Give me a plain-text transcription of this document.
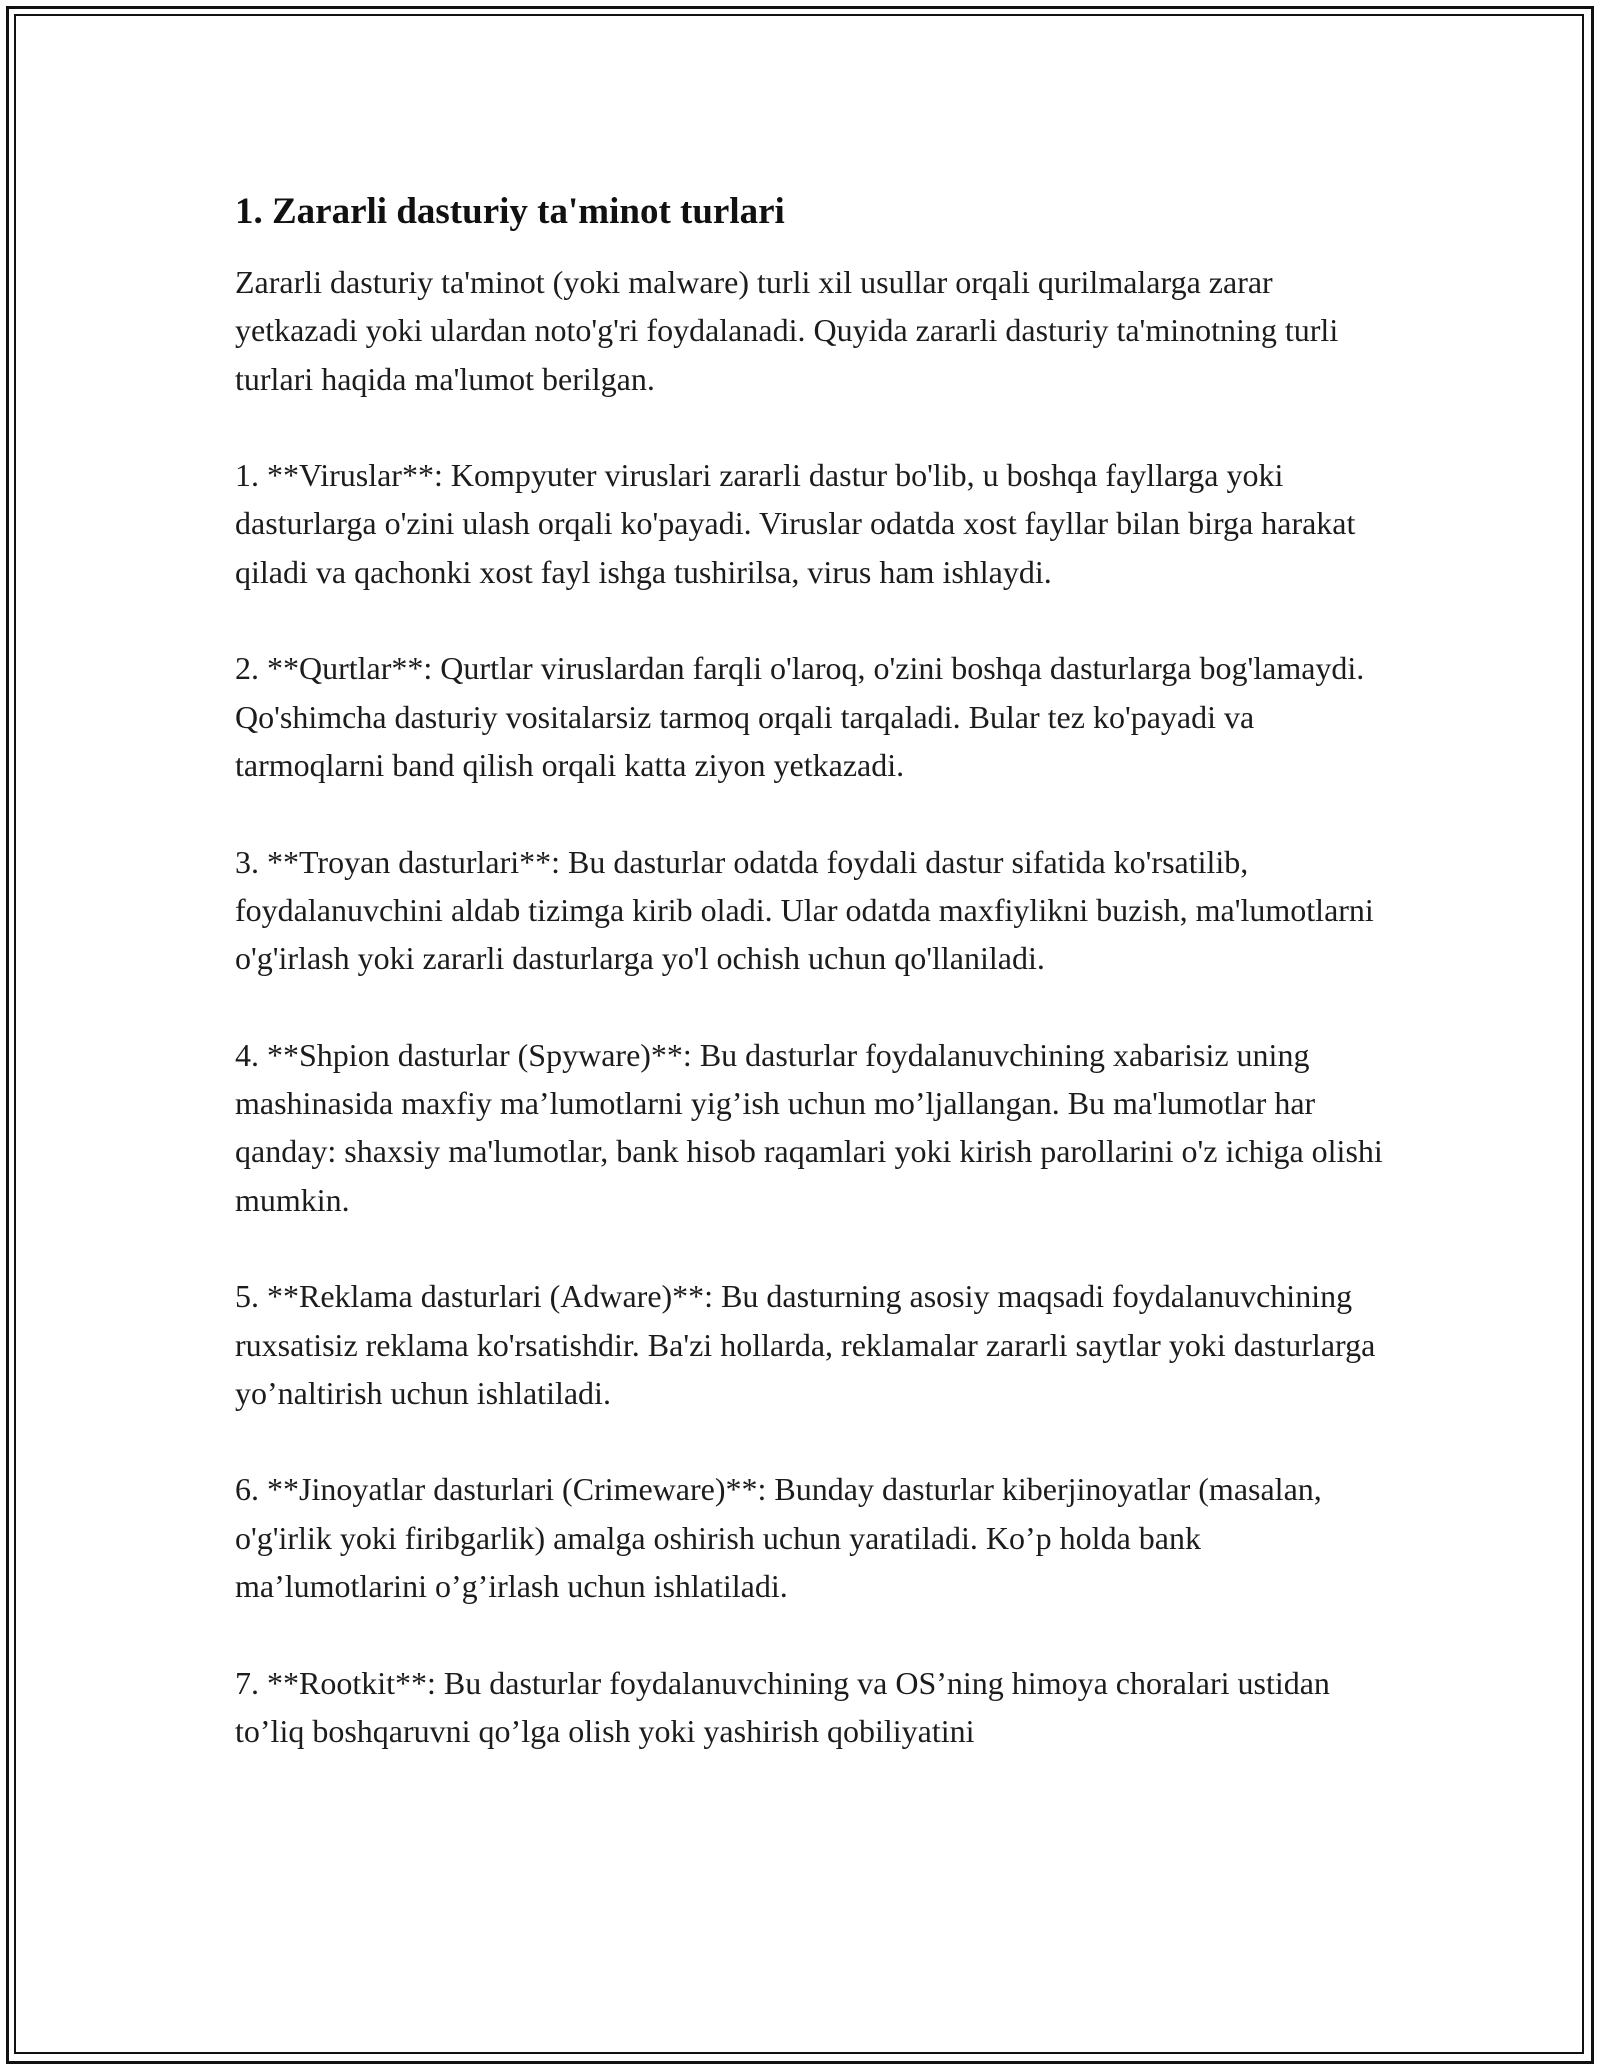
1. Zararli dasturiy ta'minot turlari

Zararli dasturiy ta'minot (yoki malware) turli xil usullar orqali qurilmalarga zarar yetkazadi yoki ulardan noto'g'ri foydalanadi. Quyida zararli dasturiy ta'minotning turli turlari haqida ma'lumot berilgan.

1. **Viruslar**: Kompyuter viruslari zararli dastur bo'lib, u boshqa fayllarga yoki dasturlarga o'zini ulash orqali ko'payadi. Viruslar odatda xost fayllar bilan birga harakat qiladi va qachonki xost fayl ishga tushirilsa, virus ham ishlaydi.

2. **Qurtlar**: Qurtlar viruslardan farqli o'laroq, o'zini boshqa dasturlarga bog'lamaydi. Qo'shimcha dasturiy vositalarsiz tarmoq orqali tarqaladi. Bular tez ko'payadi va tarmoqlarni band qilish orqali katta ziyon yetkazadi.

3. **Troyan dasturlari**: Bu dasturlar odatda foydali dastur sifatida ko'rsatilib, foydalanuvchini aldab tizimga kirib oladi. Ular odatda maxfiylikni buzish, ma'lumotlarni o'g'irlash yoki zararli dasturlarga yo'l ochish uchun qo'llaniladi.

4. **Shpion dasturlar (Spyware)**: Bu dasturlar foydalanuvchining xabarisiz uning mashinasida maxfiy ma’lumotlarni yig’ish uchun mo’ljallangan. Bu ma'lumotlar har qanday: shaxsiy ma'lumotlar, bank hisob raqamlari yoki kirish parollarini o'z ichiga olishi mumkin.

5. **Reklama dasturlari (Adware)**: Bu dasturning asosiy maqsadi foydalanuvchining ruxsatisiz reklama ko'rsatishdir. Ba'zi hollarda, reklamalar zararli saytlar yoki dasturlarga yo’naltirish uchun ishlatiladi.

6. **Jinoyatlar dasturlari (Crimeware)**: Bunday dasturlar kiberjinoyatlar (masalan, o'g'irlik yoki firibgarlik) amalga oshirish uchun yaratiladi. Ko’p holda bank ma’lumotlarini o’g’irlash uchun ishlatiladi.

7. **Rootkit**: Bu dasturlar foydalanuvchining va OS’ning himoya choralari ustidan to’liq boshqaruvni qo’lga olish yoki yashirish qobiliyatini
